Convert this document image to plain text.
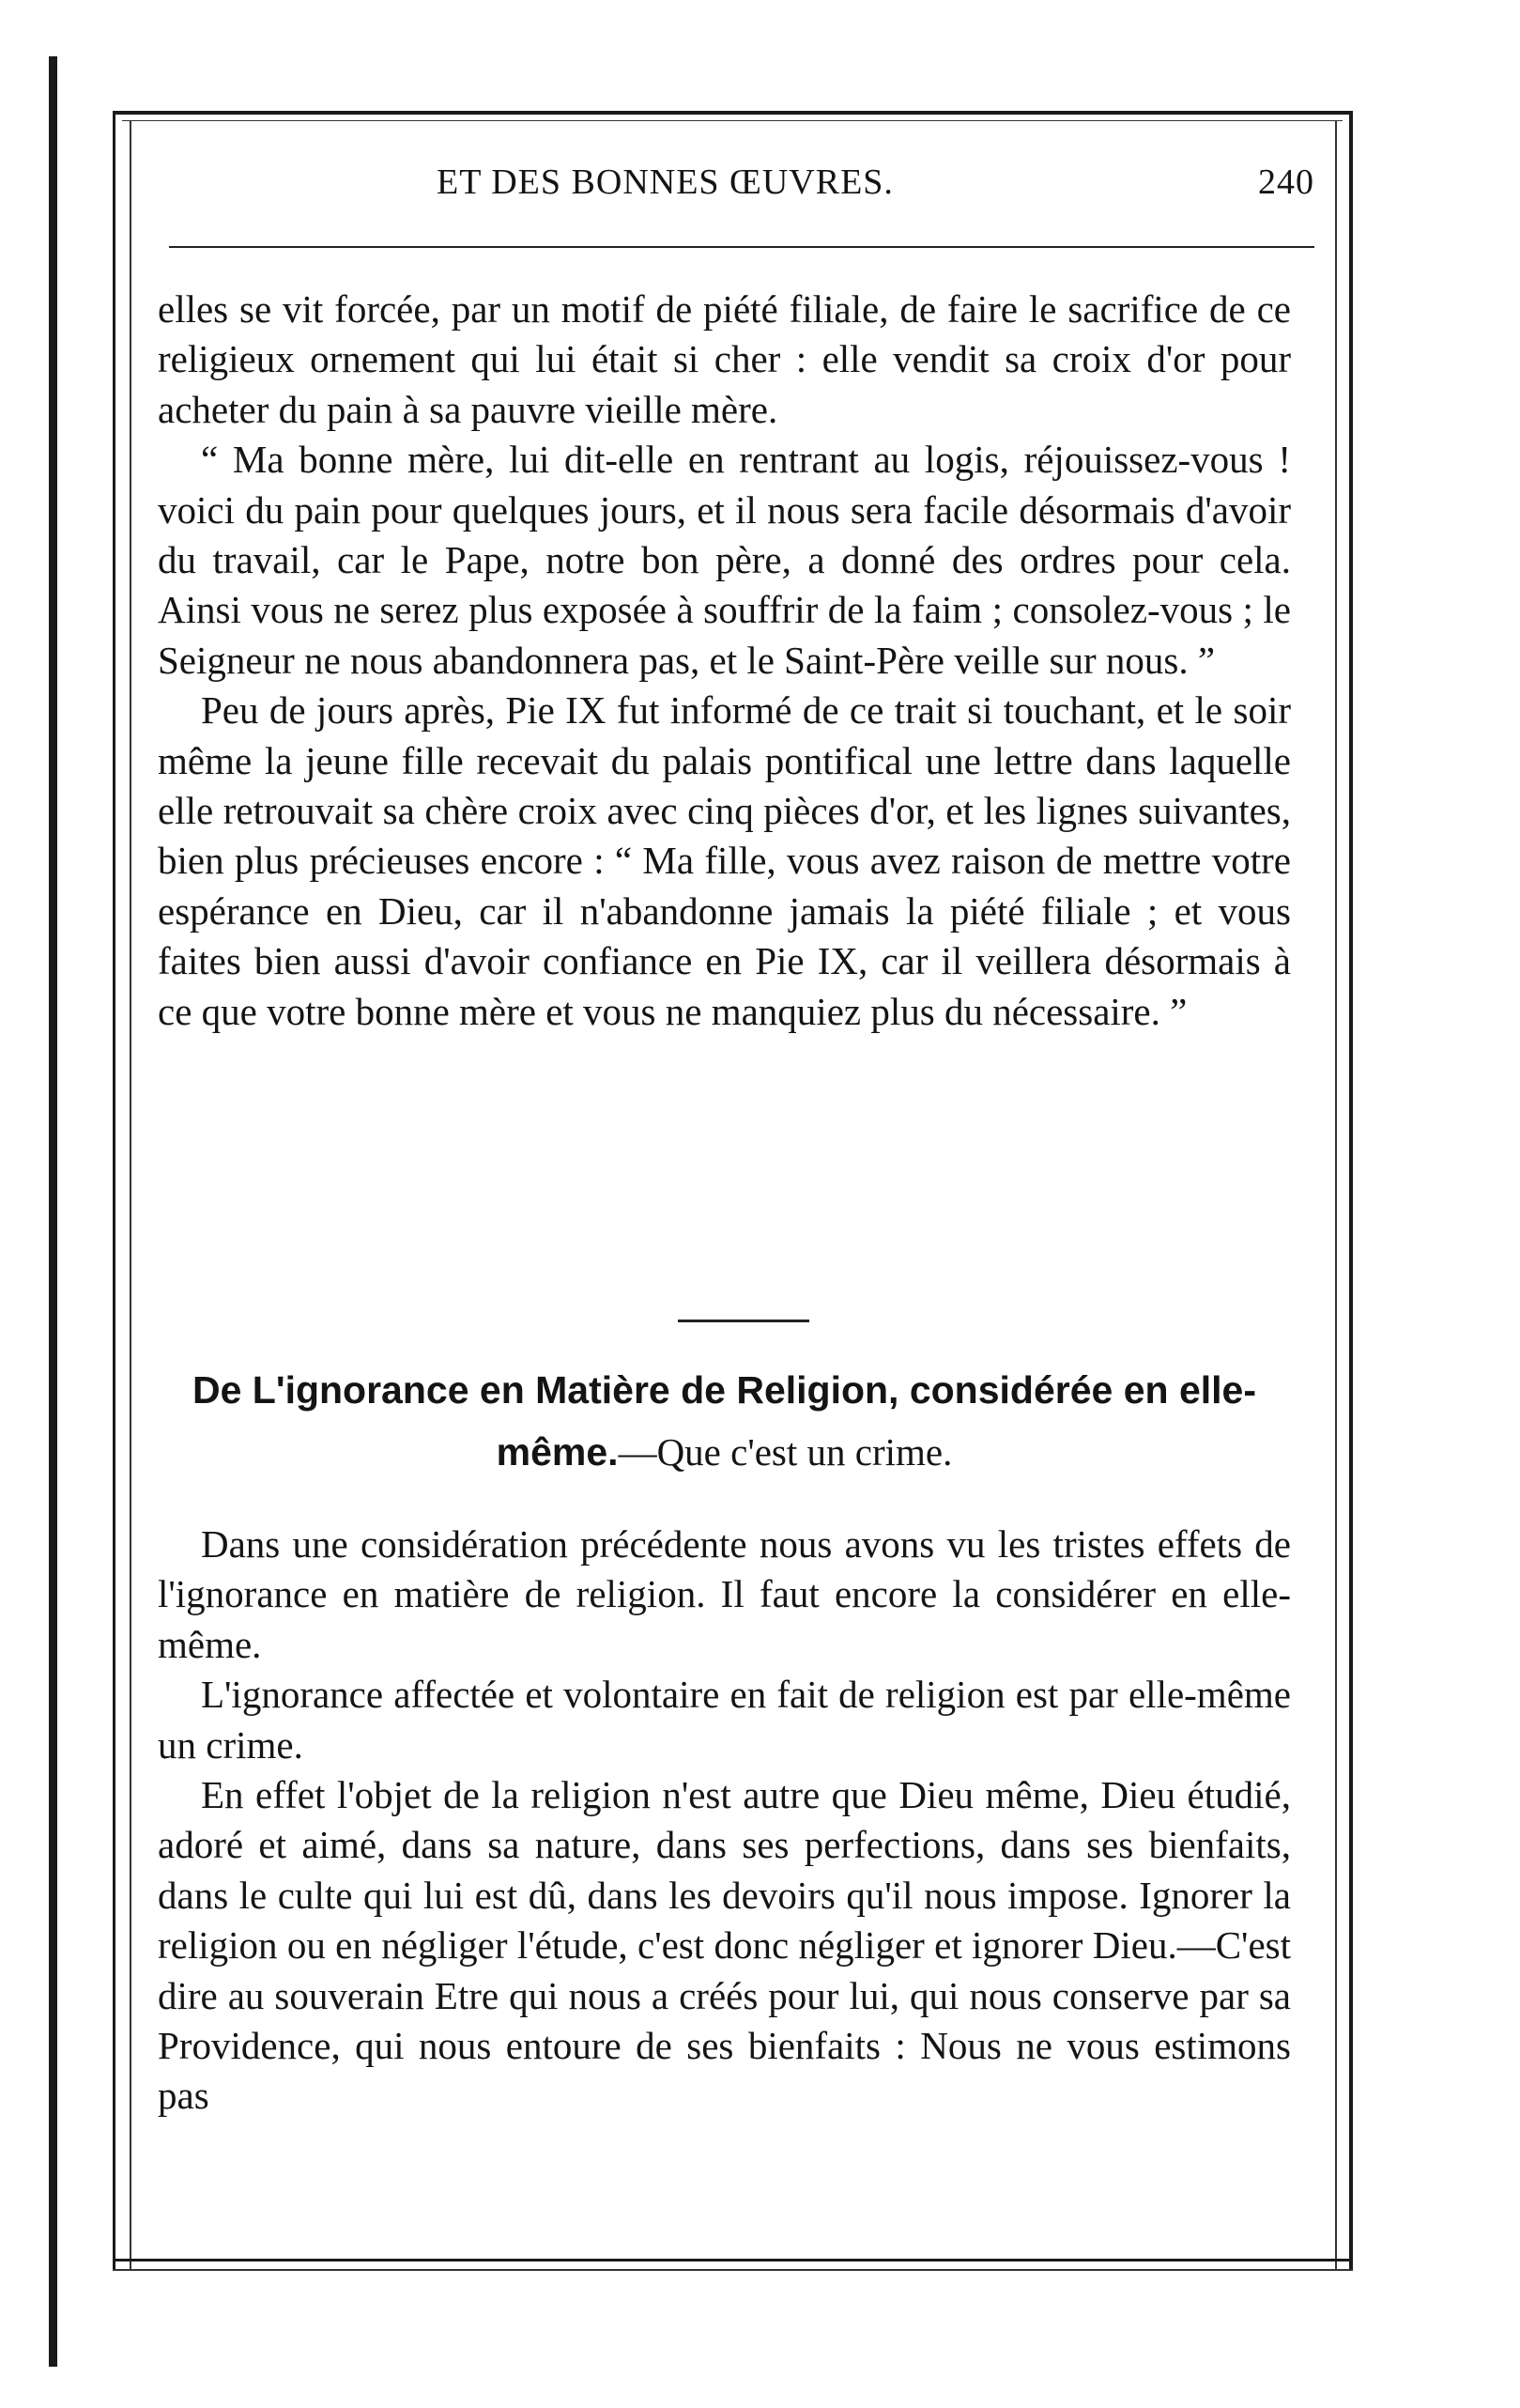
ET DES BONNES ŒUVRES.	240

elles se vit forcée, par un motif de piété filiale, de faire le sacrifice de ce religieux ornement qui lui était si cher : elle vendit sa croix d'or pour acheter du pain à sa pauvre vieille mère.

“ Ma bonne mère, lui dit-elle en rentrant au logis, réjouissez-vous ! voici du pain pour quelques jours, et il nous sera facile désormais d'avoir du travail, car le Pape, notre bon père, a donné des ordres pour cela. Ainsi vous ne serez plus exposée à souffrir de la faim ; consolez-vous ; le Seigneur ne nous abandonnera pas, et le Saint-Père veille sur nous. ”

Peu de jours après, Pie IX fut informé de ce trait si touchant, et le soir même la jeune fille recevait du palais pontifical une lettre dans laquelle elle retrouvait sa chère croix avec cinq pièces d'or, et les lignes suivantes, bien plus précieuses encore : “ Ma fille, vous avez raison de mettre votre espérance en Dieu, car il n'abandonne jamais la piété filiale ; et vous faites bien aussi d'avoir confiance en Pie IX, car il veillera désormais à ce que votre bonne mère et vous ne manquiez plus du nécessaire. ”

De L'ignorance en Matière de Religion, considérée en elle-même.—Que c'est un crime.

Dans une considération précédente nous avons vu les tristes effets de l'ignorance en matière de religion. Il faut encore la considérer en elle-même.

L'ignorance affectée et volontaire en fait de religion est par elle-même un crime.

En effet l'objet de la religion n'est autre que Dieu même, Dieu étudié, adoré et aimé, dans sa nature, dans ses perfections, dans ses bienfaits, dans le culte qui lui est dû, dans les devoirs qu'il nous impose. Ignorer la religion ou en négliger l'étude, c'est donc négliger et ignorer Dieu.—C'est dire au souverain Etre qui nous a créés pour lui, qui nous conserve par sa Providence, qui nous entoure de ses bienfaits : Nous ne vous estimons pas
